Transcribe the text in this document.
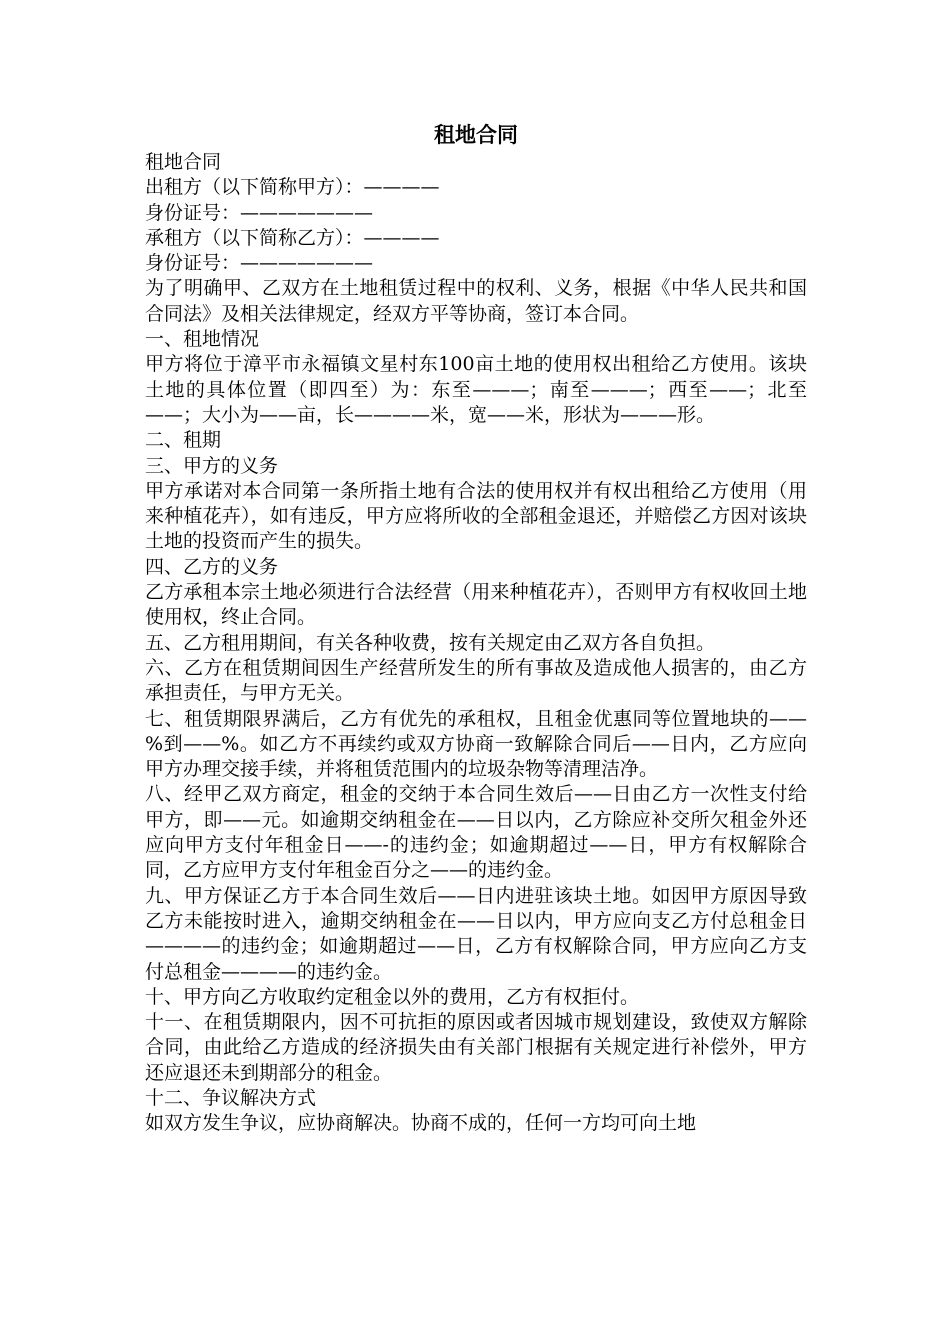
租地合同

租地合同

出租方（以下简称甲方）：————

身份证号：———————

承租方（以下简称乙方）：————

身份证号：———————

为了明确甲、乙双方在土地租赁过程中的权利、义务，根据《中华人民共和国合同法》及相关法律规定，经双方平等协商，签订本合同。

一、租地情况

甲方将位于漳平市永福镇文星村东100亩土地的使用权出租给乙方使用。该块土地的具体位置（即四至）为：东至———；南至———；西至——；北至——；大小为——亩，长————米，宽——米，形状为———形。

二、租期

三、甲方的义务

甲方承诺对本合同第一条所指土地有合法的使用权并有权出租给乙方使用（用来种植花卉），如有违反，甲方应将所收的全部租金退还，并赔偿乙方因对该块土地的投资而产生的损失。

四、乙方的义务

乙方承租本宗土地必须进行合法经营（用来种植花卉），否则甲方有权收回土地使用权，终止合同。

五、乙方租用期间，有关各种收费，按有关规定由乙双方各自负担。

六、乙方在租赁期间因生产经营所发生的所有事故及造成他人损害的，由乙方承担责任，与甲方无关。

七、租赁期限界满后，乙方有优先的承租权，且租金优惠同等位置地块的——%到——%。如乙方不再续约或双方协商一致解除合同后——日内，乙方应向甲方办理交接手续，并将租赁范围内的垃圾杂物等清理洁净。

八、经甲乙双方商定，租金的交纳于本合同生效后——日由乙方一次性支付给甲方，即——元。如逾期交纳租金在——日以内，乙方除应补交所欠租金外还应向甲方支付年租金日——-的违约金；如逾期超过——日，甲方有权解除合同，乙方应甲方支付年租金百分之——的违约金。

九、甲方保证乙方于本合同生效后——日内进驻该块土地。如因甲方原因导致乙方未能按时进入，逾期交纳租金在——日以内，甲方应向支乙方付总租金日————的违约金；如逾期超过——日，乙方有权解除合同，甲方应向乙方支付总租金————的违约金。

十、甲方向乙方收取约定租金以外的费用，乙方有权拒付。

十一、在租赁期限内，因不可抗拒的原因或者因城市规划建设，致使双方解除合同，由此给乙方造成的经济损失由有关部门根据有关规定进行补偿外，甲方还应退还未到期部分的租金。

十二、争议解决方式

如双方发生争议，应协商解决。协商不成的，任何一方均可向土地
